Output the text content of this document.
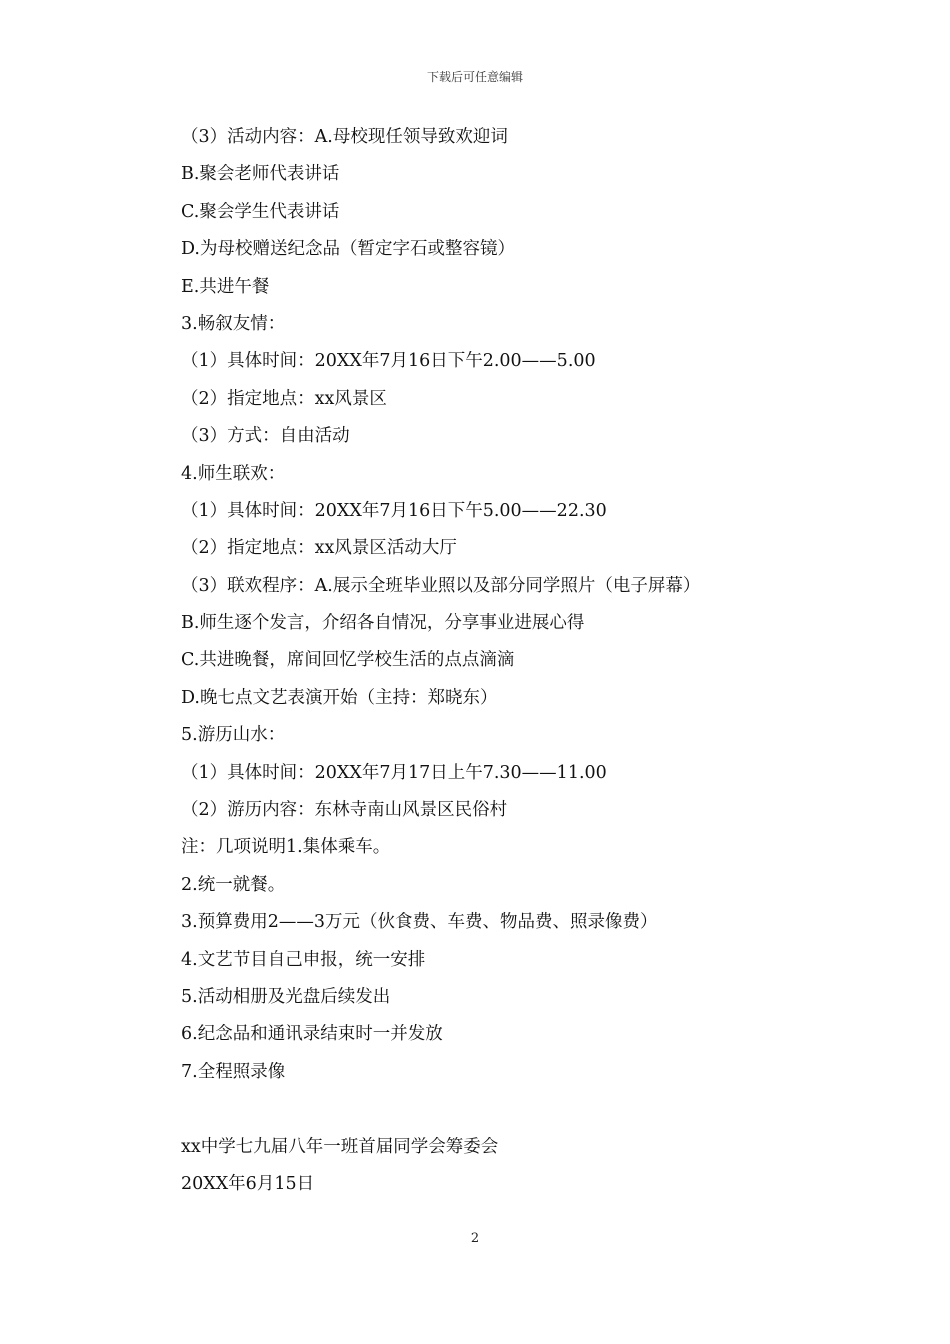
下载后可任意编辑
（3）活动内容：A.母校现任领导致欢迎词
B.聚会老师代表讲话
C.聚会学生代表讲话
D.为母校赠送纪念品（暂定字石或整容镜）
E.共进午餐
3.畅叙友情：
（1）具体时间：20XX年7月16日下午2.00——5.00
（2）指定地点：xx风景区
（3）方式：自由活动
4.师生联欢：
（1）具体时间：20XX年7月16日下午5.00——22.30
（2）指定地点：xx风景区活动大厅
（3）联欢程序：A.展示全班毕业照以及部分同学照片（电子屏幕）
B.师生逐个发言，介绍各自情况，分享事业进展心得
C.共进晚餐，席间回忆学校生活的点点滴滴
D.晚七点文艺表演开始（主持：郑晓东）
5.游历山水：
（1）具体时间：20XX年7月17日上午7.30——11.00
（2）游历内容：东林寺南山风景区民俗村
注：几项说明1.集体乘车。
2.统一就餐。
3.预算费用2——3万元（伙食费、车费、物品费、照录像费）
4.文艺节目自己申报，统一安排
5.活动相册及光盘后续发出
6.纪念品和通讯录结束时一并发放
7.全程照录像
xx中学七九届八年一班首届同学会筹委会
20XX年6月15日
2
